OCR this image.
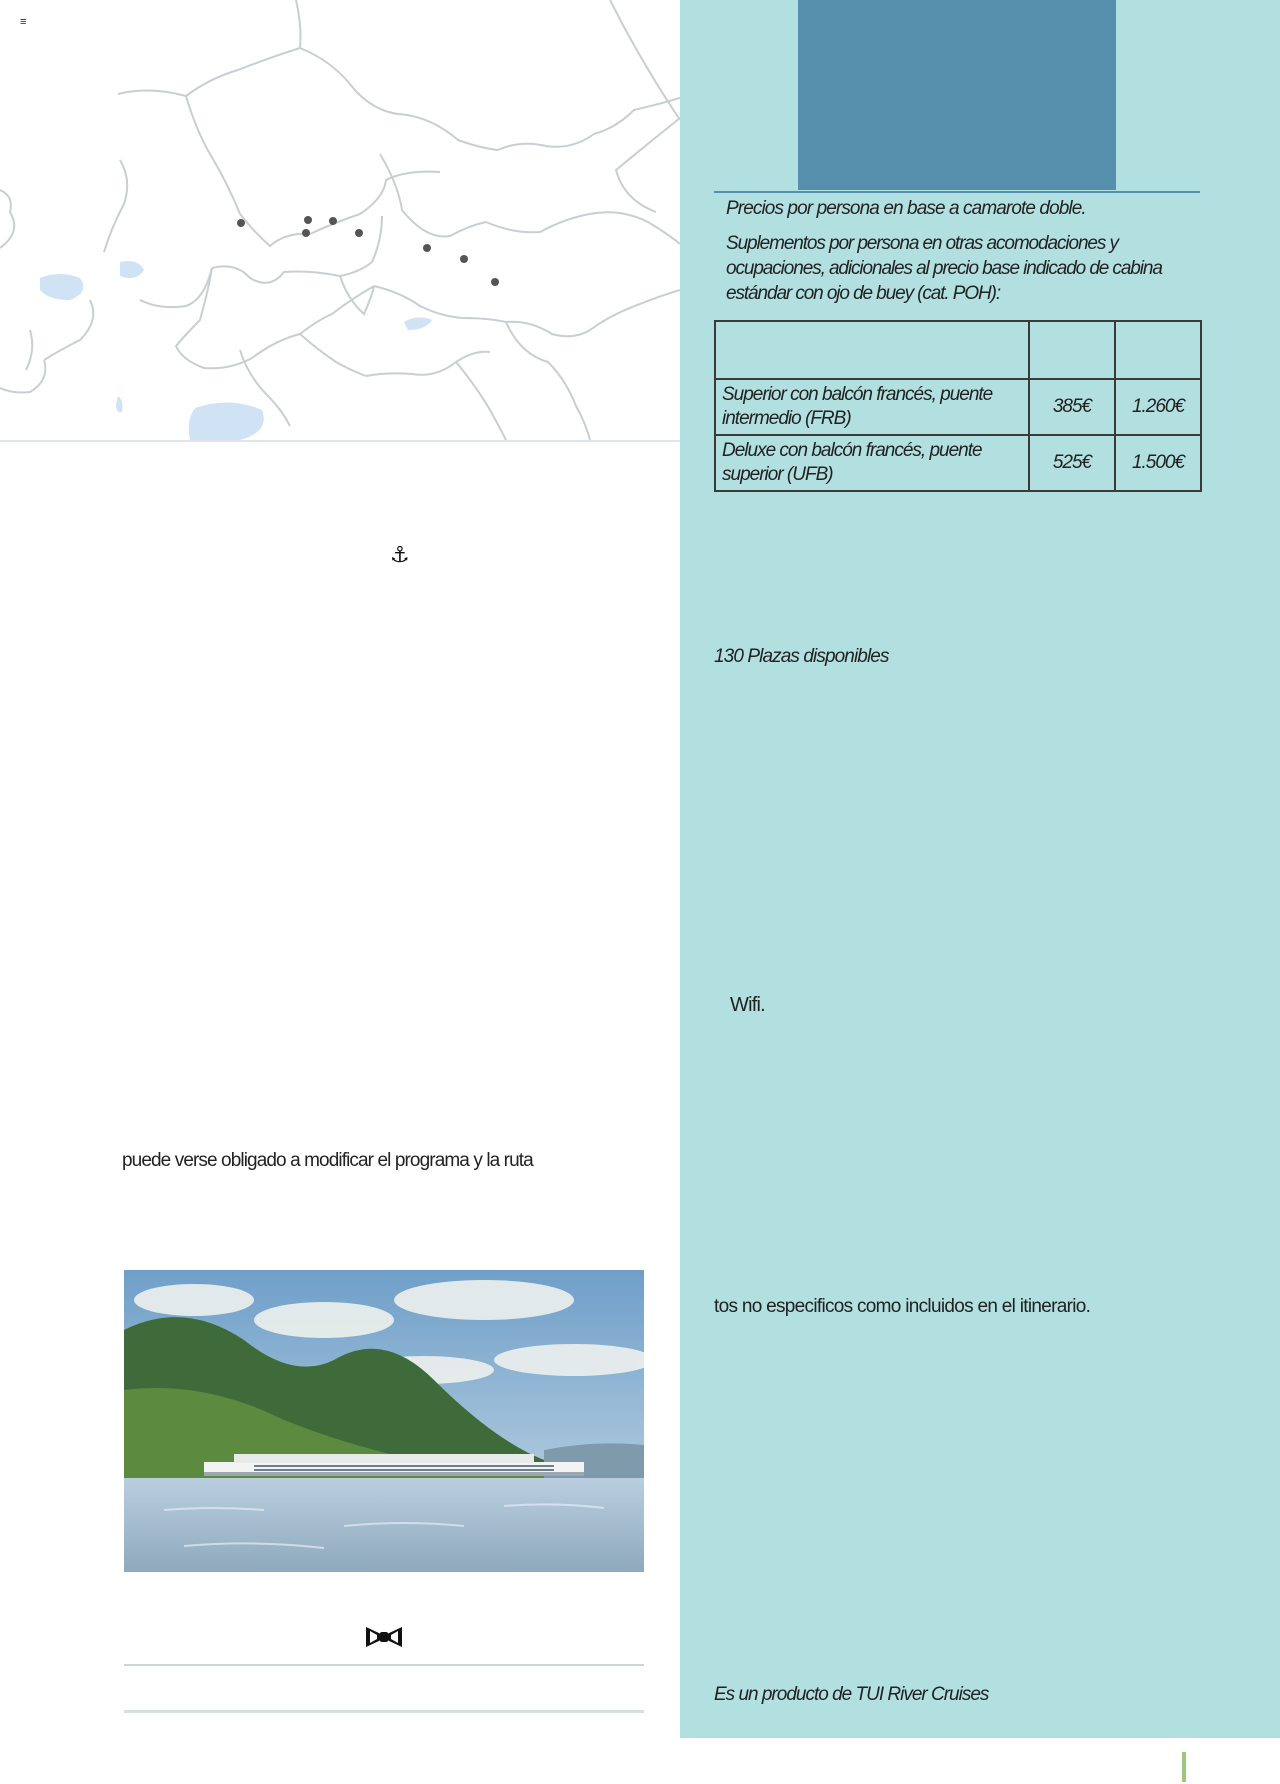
≡
Precios por persona en base a camarote doble.
Suplementos por persona en otras acomodaciones y ocupaciones, adicionales al precio base indicado de cabina estándar con ojo de buey (cat. POH):

Superior con balcón francés, puente intermedio (FRB)	385€	1.260€
Deluxe con balcón francés, puente superior (UFB)	525€	1.500€
130 Plazas disponibles
Wifi.
tos no especificos como incluidos en el itinerario.
Es un producto de TUI River Cruises
⚓
puede verse obligado a modificar el programa y la ruta
